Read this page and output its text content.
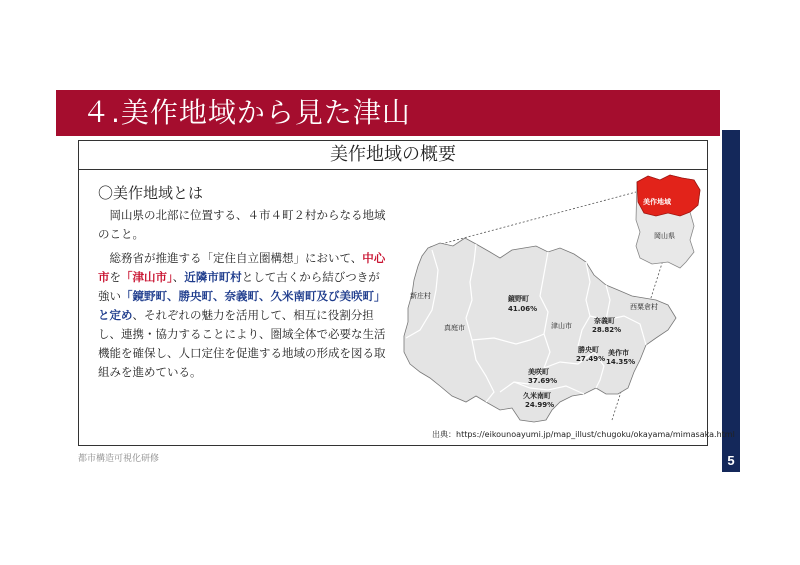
４.美作地域から見た津山
5
美作地域の概要
〇美作地域とは
岡山県の北部に位置する、４市４町２村からなる地域のこと。
総務省が推進する「定住自立圏構想」において、中心市を「津山市」、近隣市町村として古くから結びつきが強い「鏡野町、勝央町、奈義町、久米南町及び美咲町」と定め、それぞれの魅力を活用して、相互に役割分担し、連携・協力することにより、圏域全体で必要な生活機能を確保し、人口定住を促進する地域の形成を図る取組みを進めている。
美作地域
岡山県
新庄村
真庭市
鏡野町
41.06%
津山市
奈義町
28.82%
西粟倉村
勝央町
27.49%
美作市
14.35%
美咲町
37.69%
久米南町
24.99%
出典：https://eikounoayumi.jp/map_illust/chugoku/okayama/mimasaka.html
都市構造可視化研修
